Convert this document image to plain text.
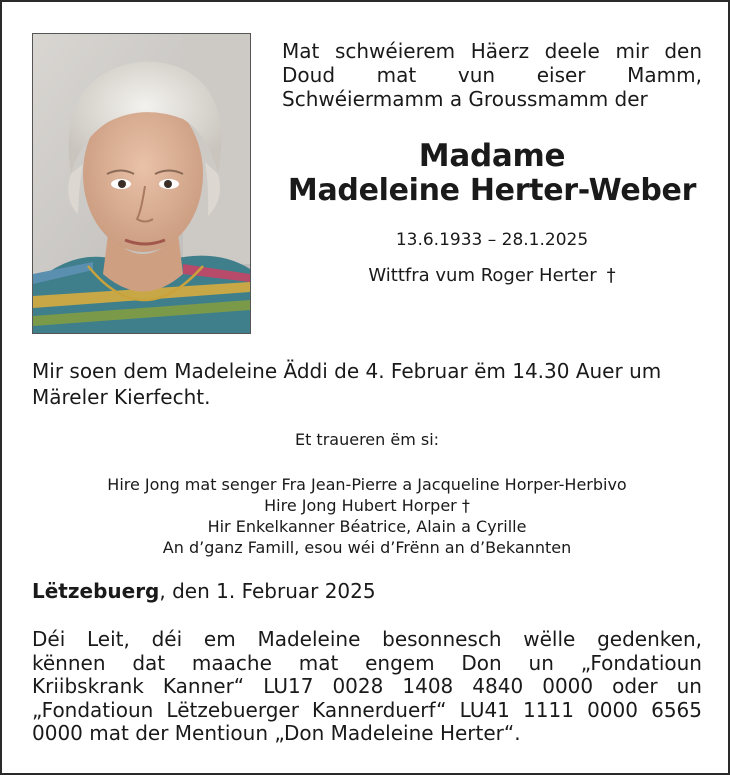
Mat schwéierem Häerz deele mir den
Doud mat vun eiser Mamm,
Schwéiermamm a Groussmamm der
Madame
Madeleine Herter-Weber
13.6.1933 – 28.1.2025
Wittfra vum Roger Herter †
Mir soen dem Madeleine Äddi de 4. Februar ëm 14.30 Auer um Märeler Kierfecht.
Et traueren ëm si:
Hire Jong mat senger Fra Jean-Pierre a Jacqueline Horper-Herbivo
Hire Jong Hubert Horper †
Hir Enkelkanner Béatrice, Alain a Cyrille
An d’ganz Famill, esou wéi d’Frënn an d’Bekannten
Lëtzebuerg, den 1. Februar 2025
Déi Leit, déi em Madeleine besonnesch wëlle gedenken,
kënnen dat maache mat engem Don un „Fondatioun
Kriibskrank Kanner“ LU17 0028 1408 4840 0000 oder un
„Fondatioun Lëtzebuerger Kannerduerf“ LU41 1111 0000 6565
0000 mat der Mentioun „Don Madeleine Herter“.
